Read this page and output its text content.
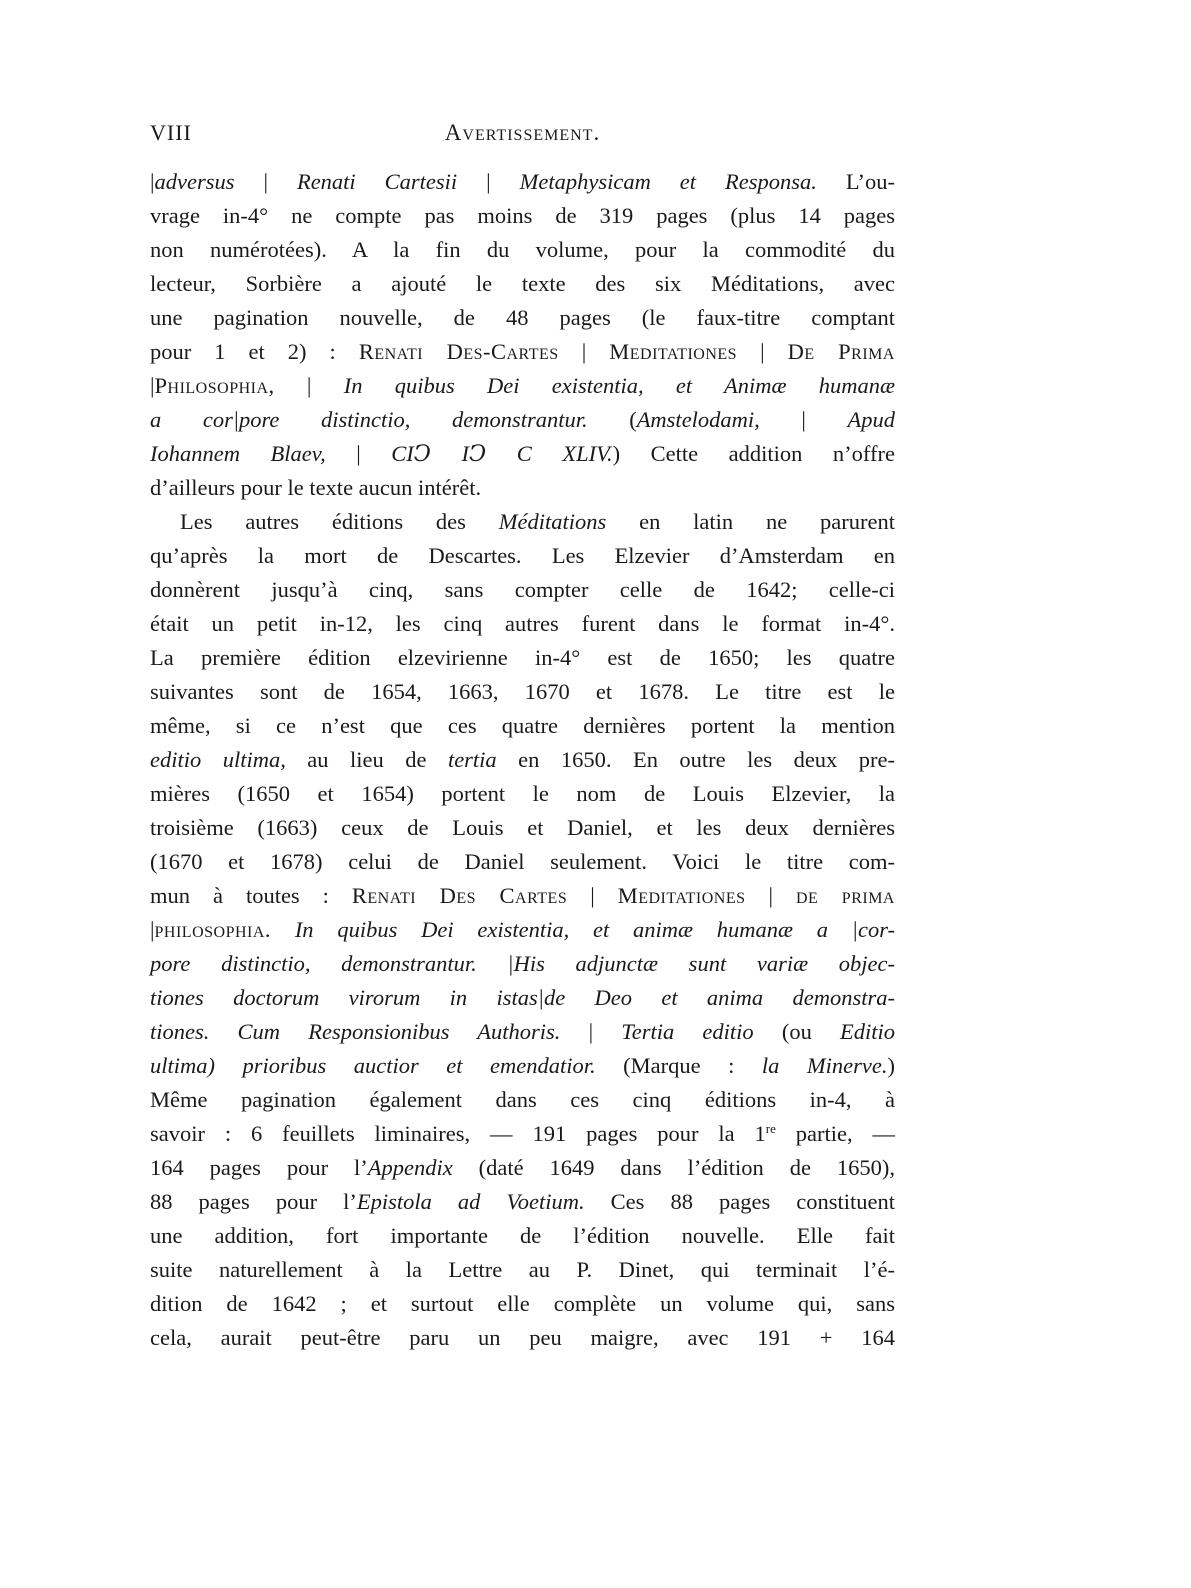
VIII	Avertissement.
|adversus | Renati Cartesii | Metaphysicam et Responsa. L’ou-
vrage in-4° ne compte pas moins de 319 pages (plus 14 pages
non numérotées). A la fin du volume, pour la commodité du
lecteur, Sorbière a ajouté le texte des six Méditations, avec
une pagination nouvelle, de 48 pages (le faux-titre comptant
pour 1 et 2) : Renati Des-Cartes | Meditationes | De Prima
|Philosophia, | In quibus Dei existentia, et Animæ humanæ
a cor|pore distinctio, demonstrantur. (Amstelodami, | Apud
Iohannem Blaev, | CIↃ IↃ C XLIV.) Cette addition n’offre
d’ailleurs pour le texte aucun intérêt.
Les autres éditions des Méditations en latin ne parurent
qu’après la mort de Descartes. Les Elzevier d’Amsterdam en
donnèrent jusqu’à cinq, sans compter celle de 1642; celle-ci
était un petit in-12, les cinq autres furent dans le format in-4°.
La première édition elzevirienne in-4° est de 1650; les quatre
suivantes sont de 1654, 1663, 1670 et 1678. Le titre est le
même, si ce n’est que ces quatre dernières portent la mention
editio ultima, au lieu de tertia en 1650. En outre les deux pre-
mières (1650 et 1654) portent le nom de Louis Elzevier, la
troisième (1663) ceux de Louis et Daniel, et les deux dernières
(1670 et 1678) celui de Daniel seulement. Voici le titre com-
mun à toutes : Renati Des Cartes | Meditationes | de prima
|philosophia. In quibus Dei existentia, et animæ humanæ a |cor-
pore distinctio, demonstrantur. |His adjunctæ sunt variæ objec-
tiones doctorum virorum in istas|de Deo et anima demonstra-
tiones. Cum Responsionibus Authoris. | Tertia editio (ou Editio
ultima) prioribus auctior et emendatior. (Marque : la Minerve.)
Même pagination également dans ces cinq éditions in-4, à
savoir : 6 feuillets liminaires, — 191 pages pour la 1re partie, —
164 pages pour l’Appendix (daté 1649 dans l’édition de 1650),
88 pages pour l’Epistola ad Voetium. Ces 88 pages constituent
une addition, fort importante de l’édition nouvelle. Elle fait
suite naturellement à la Lettre au P. Dinet, qui terminait l’é-
dition de 1642 ; et surtout elle complète un volume qui, sans
cela, aurait peut-être paru un peu maigre, avec 191 + 164
